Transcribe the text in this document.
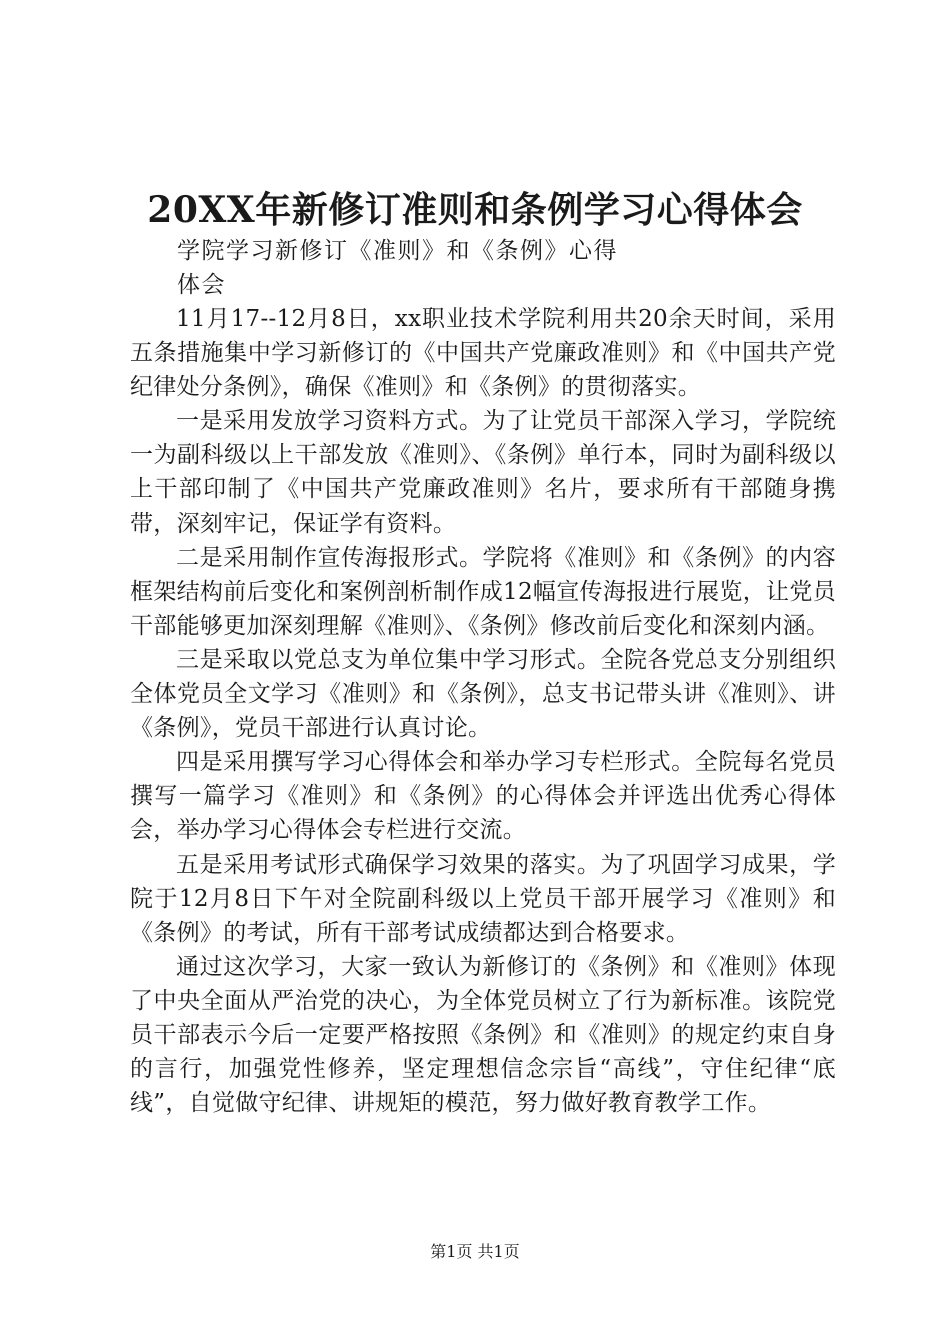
20XX年新修订准则和条例学习心得体会
学院学习新修订《准则》和《条例》心得体会

11月17--12月8日，xx职业技术学院利用共20余天时间，采用五条措施集中学习新修订的《中国共产党廉政准则》和《中国共产党纪律处分条例》，确保《准则》和《条例》的贯彻落实。

一是采用发放学习资料方式。为了让党员干部深入学习，学院统一为副科级以上干部发放《准则》、《条例》单行本，同时为副科级以上干部印制了《中国共产党廉政准则》名片，要求所有干部随身携带，深刻牢记，保证学有资料。

二是采用制作宣传海报形式。学院将《准则》和《条例》的内容框架结构前后变化和案例剖析制作成12幅宣传海报进行展览，让党员干部能够更加深刻理解《准则》、《条例》修改前后变化和深刻内涵。

三是采取以党总支为单位集中学习形式。全院各党总支分别组织全体党员全文学习《准则》和《条例》，总支书记带头讲《准则》、讲《条例》，党员干部进行认真讨论。

四是采用撰写学习心得体会和举办学习专栏形式。全院每名党员撰写一篇学习《准则》和《条例》的心得体会并评选出优秀心得体会，举办学习心得体会专栏进行交流。

五是采用考试形式确保学习效果的落实。为了巩固学习成果，学院于12月8日下午对全院副科级以上党员干部开展学习《准则》和《条例》的考试，所有干部考试成绩都达到合格要求。

通过这次学习，大家一致认为新修订的《条例》和《准则》体现了中央全面从严治党的决心，为全体党员树立了行为新标准。该院党员干部表示今后一定要严格按照《条例》和《准则》的规定约束自身的言行，加强党性修养，坚定理想信念宗旨“高线”，守住纪律“底线”，自觉做守纪律、讲规矩的模范，努力做好教育教学工作。

第1页 共1页
